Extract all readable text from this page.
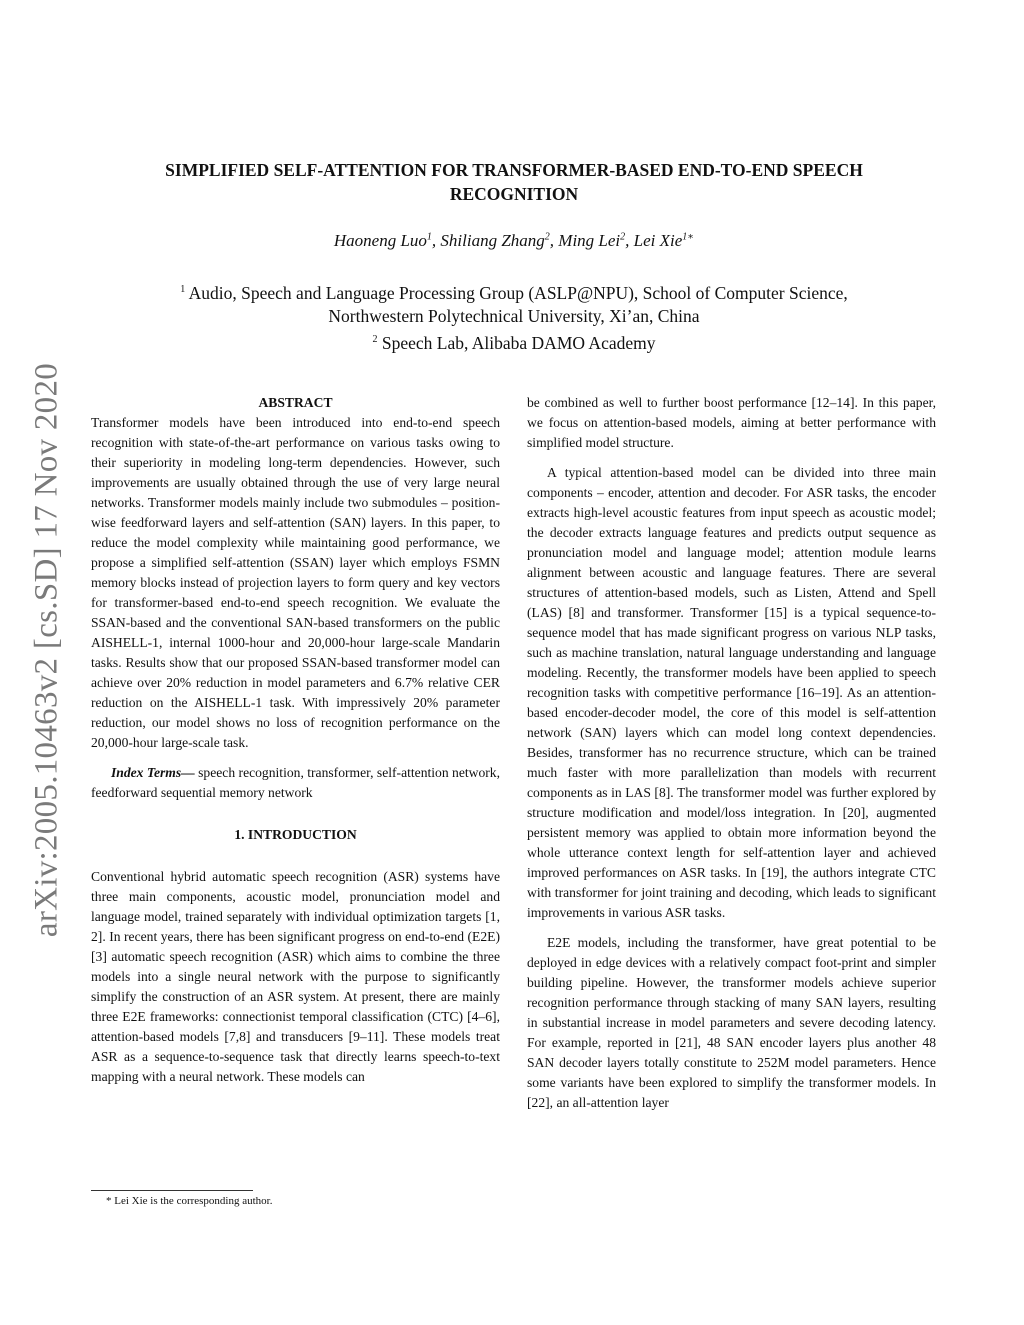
arXiv:2005.10463v2 [cs.SD] 17 Nov 2020
SIMPLIFIED SELF-ATTENTION FOR TRANSFORMER-BASED END-TO-END SPEECH RECOGNITION
Haoneng Luo$^1$, Shiliang Zhang$^2$, Ming Lei$^2$, Lei Xie$^{1∗}$
$^1$ Audio, Speech and Language Processing Group (ASLP@NPU), School of Computer Science,
Northwestern Polytechnical University, Xi’an, China
$^2$ Speech Lab, Alibaba DAMO Academy

ABSTRACT

Transformer models have been introduced into end-to-end speech recognition with state-of-the-art performance on various tasks owing to their superiority in modeling long-term dependencies. However, such improvements are usually obtained through the use of very large neural networks. Transformer models mainly include two submodules – position-wise feedforward layers and self-attention (SAN) layers. In this paper, to reduce the model complexity while maintaining good performance, we propose a simplified self-attention (SSAN) layer which employs FSMN memory blocks instead of projection layers to form query and key vectors for transformer-based end-to-end speech recognition. We evaluate the SSAN-based and the conventional SAN-based transformers on the public AISHELL-1, internal 1000-hour and 20,000-hour large-scale Mandarin tasks. Results show that our proposed SSAN-based transformer model can achieve over 20% reduction in model parameters and 6.7% relative CER reduction on the AISHELL-1 task. With impressively 20% parameter reduction, our model shows no loss of recognition performance on the 20,000-hour large-scale task.

Index Terms— speech recognition, transformer, self-attention network, feedforward sequential memory network

1. INTRODUCTION

Conventional hybrid automatic speech recognition (ASR) systems have three main components, acoustic model, pronunciation model and language model, trained separately with individual optimization targets [1, 2]. In recent years, there has been significant progress on end-to-end (E2E) [3] automatic speech recognition (ASR) which aims to combine the three models into a single neural network with the purpose to significantly simplify the construction of an ASR system. At present, there are mainly three E2E frameworks: connectionist temporal classification (CTC) [4–6], attention-based models [7,8] and transducers [9–11]. These models treat ASR as a sequence-to-sequence task that directly learns speech-to-text mapping with a neural network. These models can

be combined as well to further boost performance [12–14]. In this paper, we focus on attention-based models, aiming at better performance with simplified model structure.

A typical attention-based model can be divided into three main components – encoder, attention and decoder. For ASR tasks, the encoder extracts high-level acoustic features from input speech as acoustic model; the decoder extracts language features and predicts output sequence as pronunciation model and language model; attention module learns alignment between acoustic and language features. There are several structures of attention-based models, such as Listen, Attend and Spell (LAS) [8] and transformer. Transformer [15] is a typical sequence-to-sequence model that has made significant progress on various NLP tasks, such as machine translation, natural language understanding and language modeling. Recently, the transformer models have been applied to speech recognition tasks with competitive performance [16–19]. As an attention-based encoder-decoder model, the core of this model is self-attention network (SAN) layers which can model long context dependencies. Besides, transformer has no recurrence structure, which can be trained much faster with more parallelization than models with recurrent components as in LAS [8]. The transformer model was further explored by structure modification and model/loss integration. In [20], augmented persistent memory was applied to obtain more information beyond the whole utterance context length for self-attention layer and achieved improved performances on ASR tasks. In [19], the authors integrate CTC with transformer for joint training and decoding, which leads to significant improvements in various ASR tasks.

E2E models, including the transformer, have great potential to be deployed in edge devices with a relatively compact foot-print and simpler building pipeline. However, the transformer models achieve superior recognition performance through stacking of many SAN layers, resulting in substantial increase in model parameters and severe decoding latency. For example, reported in [21], 48 SAN encoder layers plus another 48 SAN decoder layers totally constitute to 252M model parameters. Hence some variants have been explored to simplify the transformer models. In [22], an all-attention layer

* Lei Xie is the corresponding author.
